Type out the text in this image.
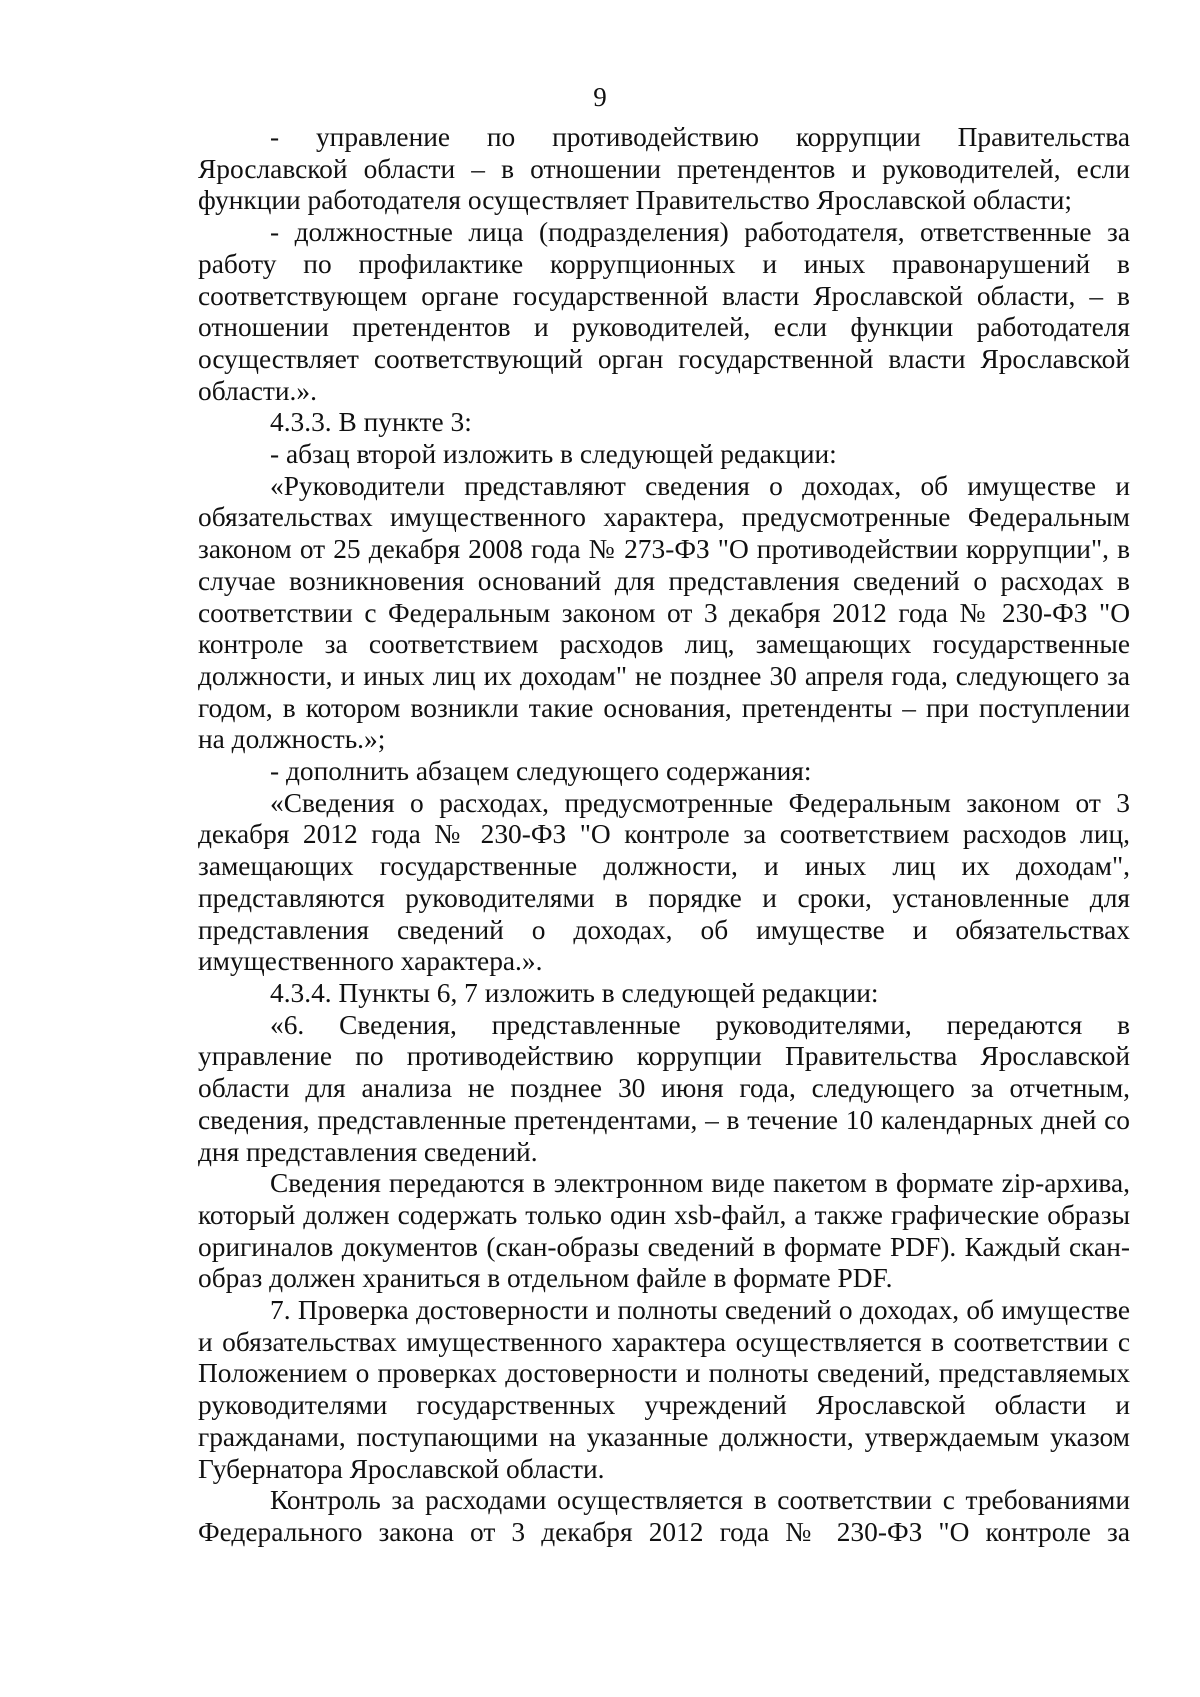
9

- управление по противодействию коррупции Правительства Ярославской области – в отношении претендентов и руководителей, если функции работодателя осуществляет Правительство Ярославской области;

- должностные лица (подразделения) работодателя, ответственные за работу по профилактике коррупционных и иных правонарушений в соответствующем органе государственной власти Ярославской области, – в отношении претендентов и руководителей, если функции работодателя осуществляет соответствующий орган государственной власти Ярославской области.».

4.3.3. В пункте 3:

- абзац второй изложить в следующей редакции:

«Руководители представляют сведения о доходах, об имуществе и обязательствах имущественного характера, предусмотренные Федеральным законом от 25 декабря 2008 года № 273-ФЗ "О противодействии коррупции", в случае возникновения оснований для представления сведений о расходах в соответствии с Федеральным законом от 3 декабря 2012 года № 230-ФЗ "О контроле за соответствием расходов лиц, замещающих государственные должности, и иных лиц их доходам" не позднее 30 апреля года, следующего за годом, в котором возникли такие основания, претенденты – при поступлении на должность.»;

- дополнить абзацем следующего содержания:

«Сведения о расходах, предусмотренные Федеральным законом от 3 декабря 2012 года № 230-ФЗ "О контроле за соответствием расходов лиц, замещающих государственные должности, и иных лиц их доходам", представляются руководителями в порядке и сроки, установленные для представления сведений о доходах, об имуществе и обязательствах имущественного характера.».

4.3.4. Пункты 6, 7 изложить в следующей редакции:

«6. Сведения, представленные руководителями, передаются в управление по противодействию коррупции Правительства Ярославской области для анализа не позднее 30 июня года, следующего за отчетным, сведения, представленные претендентами, – в течение 10 календарных дней со дня представления сведений.

Сведения передаются в электронном виде пакетом в формате zip-архива, который должен содержать только один xsb-файл, а также графические образы оригиналов документов (скан-образы сведений в формате PDF). Каждый скан-образ должен храниться в отдельном файле в формате PDF.

7. Проверка достоверности и полноты сведений о доходах, об имуществе и обязательствах имущественного характера осуществляется в соответствии с Положением о проверках достоверности и полноты сведений, представляемых руководителями государственных учреждений Ярославской области и гражданами, поступающими на указанные должности, утверждаемым указом Губернатора Ярославской области.

Контроль за расходами осуществляется в соответствии с требованиями Федерального закона от 3 декабря 2012 года № 230-ФЗ "О контроле за
